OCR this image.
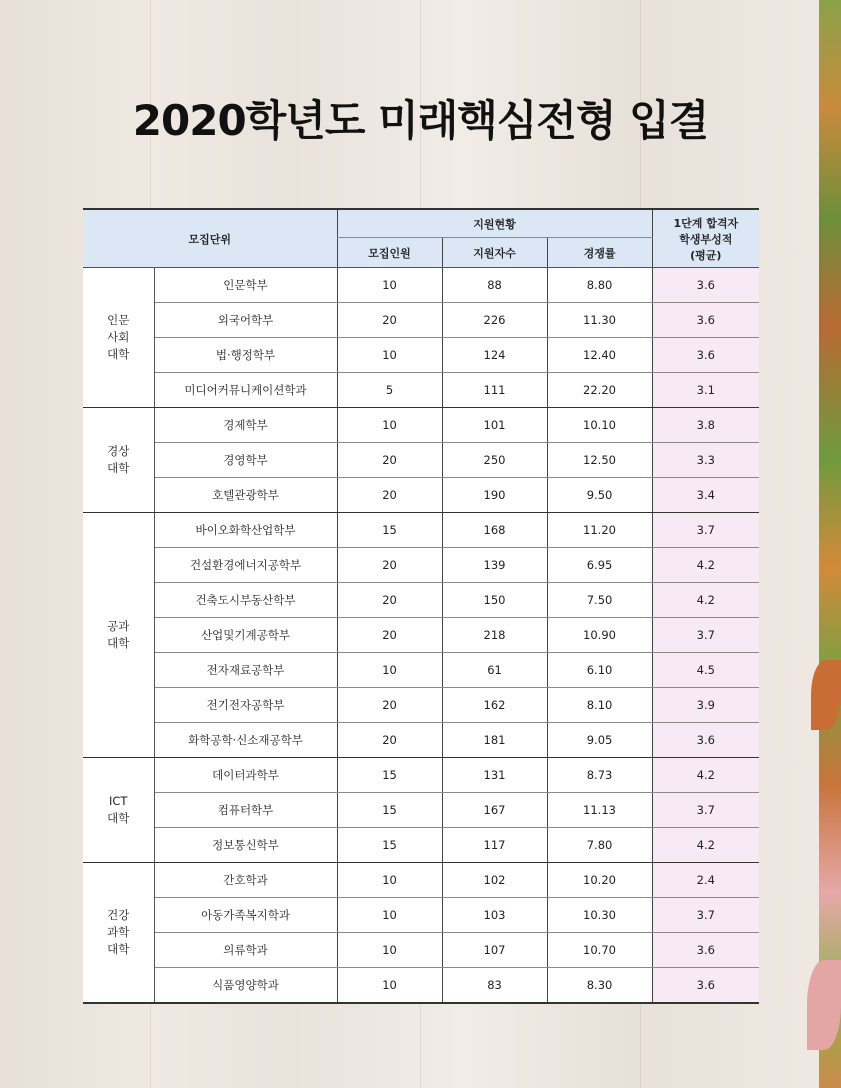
2020학년도 미래핵심전형 입결
모집단위		지원현황			1단계 합격자
학생부성적
(평균)

		모집인원	지원자수	경쟁률	

인문
사회
대학	인문학부	10	88	8.80	3.6
	외국어학부	20	226	11.30	3.6
	법·행정학부	10	124	12.40	3.6
	미디어커뮤니케이션학과	5	111	22.20	3.1

경상
대학	경제학부	10	101	10.10	3.8
	경영학부	20	250	12.50	3.3
	호텔관광학부	20	190	9.50	3.4

공과
대학	바이오화학산업학부	15	168	11.20	3.7
	건설환경에너지공학부	20	139	6.95	4.2
	건축도시부동산학부	20	150	7.50	4.2
	산업및기계공학부	20	218	10.90	3.7
	전자재료공학부	10	61	6.10	4.5
	전기전자공학부	20	162	8.10	3.9
	화학공학·신소재공학부	20	181	9.05	3.6

ICT
대학	데이터과학부	15	131	8.73	4.2
	컴퓨터학부	15	167	11.13	3.7
	정보통신학부	15	117	7.80	4.2

건강
과학
대학	간호학과	10	102	10.20	2.4
	아동가족복지학과	10	103	10.30	3.7
	의류학과	10	107	10.70	3.6
	식품영양학과	10	83	8.30	3.6
